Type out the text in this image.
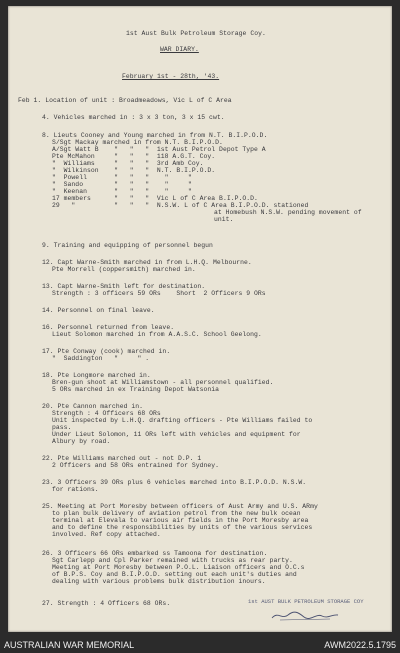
1st Aust Bulk Petroleum Storage Coy.
WAR DIARY.
February 1st - 28th, '43.
1st AUST BULK PETROLEUM STORAGE COY
Feb 1. Location of unit : Broadmeadows, Vic L of C Area
4. Vehicles marched in : 3 x 3 ton, 3 x 15 cwt.
8. Lieuts Cooney and Young marched in from N.T. B.I.P.O.D.
S/Sgt Mackay marched in from N.T. B.I.P.O.D.
A/Sgt Watt B    "   "   "  1st Aust Petrol Depot Type A
Pte McMahon     "   "   "  118 A.G.T. Coy.
"  Williams     "   "   "  3rd Amb Coy.
"  Wilkinson    "   "   "  N.T. B.I.P.O.D.
"  Powell       "   "   "    "     "
"  Sando        "   "   "    "     "
"  Keenan       "   "   "    "     "
17 members      "   "   "  Vic L of C Area B.I.P.O.D.
29   "          "   "   "  N.S.W. L of C Area B.I.P.O.D. stationed
at Homebush N.S.W. pending movement of
unit.
9. Training and equipping of personnel begun
12. Capt Warne-Smith marched in from L.H.Q. Melbourne.
Pte Morrell (coppersmith) marched in.
13. Capt Warne-Smith left for destination.
Strength : 3 officers 59 ORs    Short  2 Officers 9 ORs
14. Personnel on final leave.
16. Personnel returned from leave.
Lieut Solomon marched in from A.A.S.C. School Geelong.
17. Pte Conway (cook) marched in.
"  Saddington   "     " .
18. Pte Longmore marched in.
Bren-gun shoot at Williamstown - all personnel qualified.
5 ORs marched in ex Training Depot Watsonia
20. Pte Cannon marched in.
Strength : 4 Officers 68 ORs
Unit inspected by L.H.Q. drafting officers - Pte Williams failed to
pass.
Under Lieut Solomon, 11 ORs left with vehicles and equipment for
Albury by road.
22. Pte Williams marched out - not D.P. 1
2 Officers and 58 ORs entrained for Sydney.
23. 3 Officers 39 ORs plus 6 vehicles marched into B.I.P.O.D. N.S.W.
for rations.
25. Meeting at Port Moresby between officers of Aust Army and U.S. ARmy
to plan bulk delivery of aviation petrol from the new bulk ocean
terminal at Elevala to various air fields in the Port Moresby area
and to define the responsibilities by units of the various services
involved. Ref copy attached.
26. 3 Officers 66 ORs embarked ss Tamoona for destination.
Sgt Carlepp and Cpl Parker remained with trucks as rear party.
Meeting at Port Moresby between P.O.L. Liaison officers and O.C.s
of B.P.S. Coy and B.I.P.O.D. setting out each unit's duties and
dealing with various problems bulk distribution inours.
27. Strength : 4 Officers 68 ORs.
AUSTRALIAN WAR MEMORIAL	AWM2022.5.1795
